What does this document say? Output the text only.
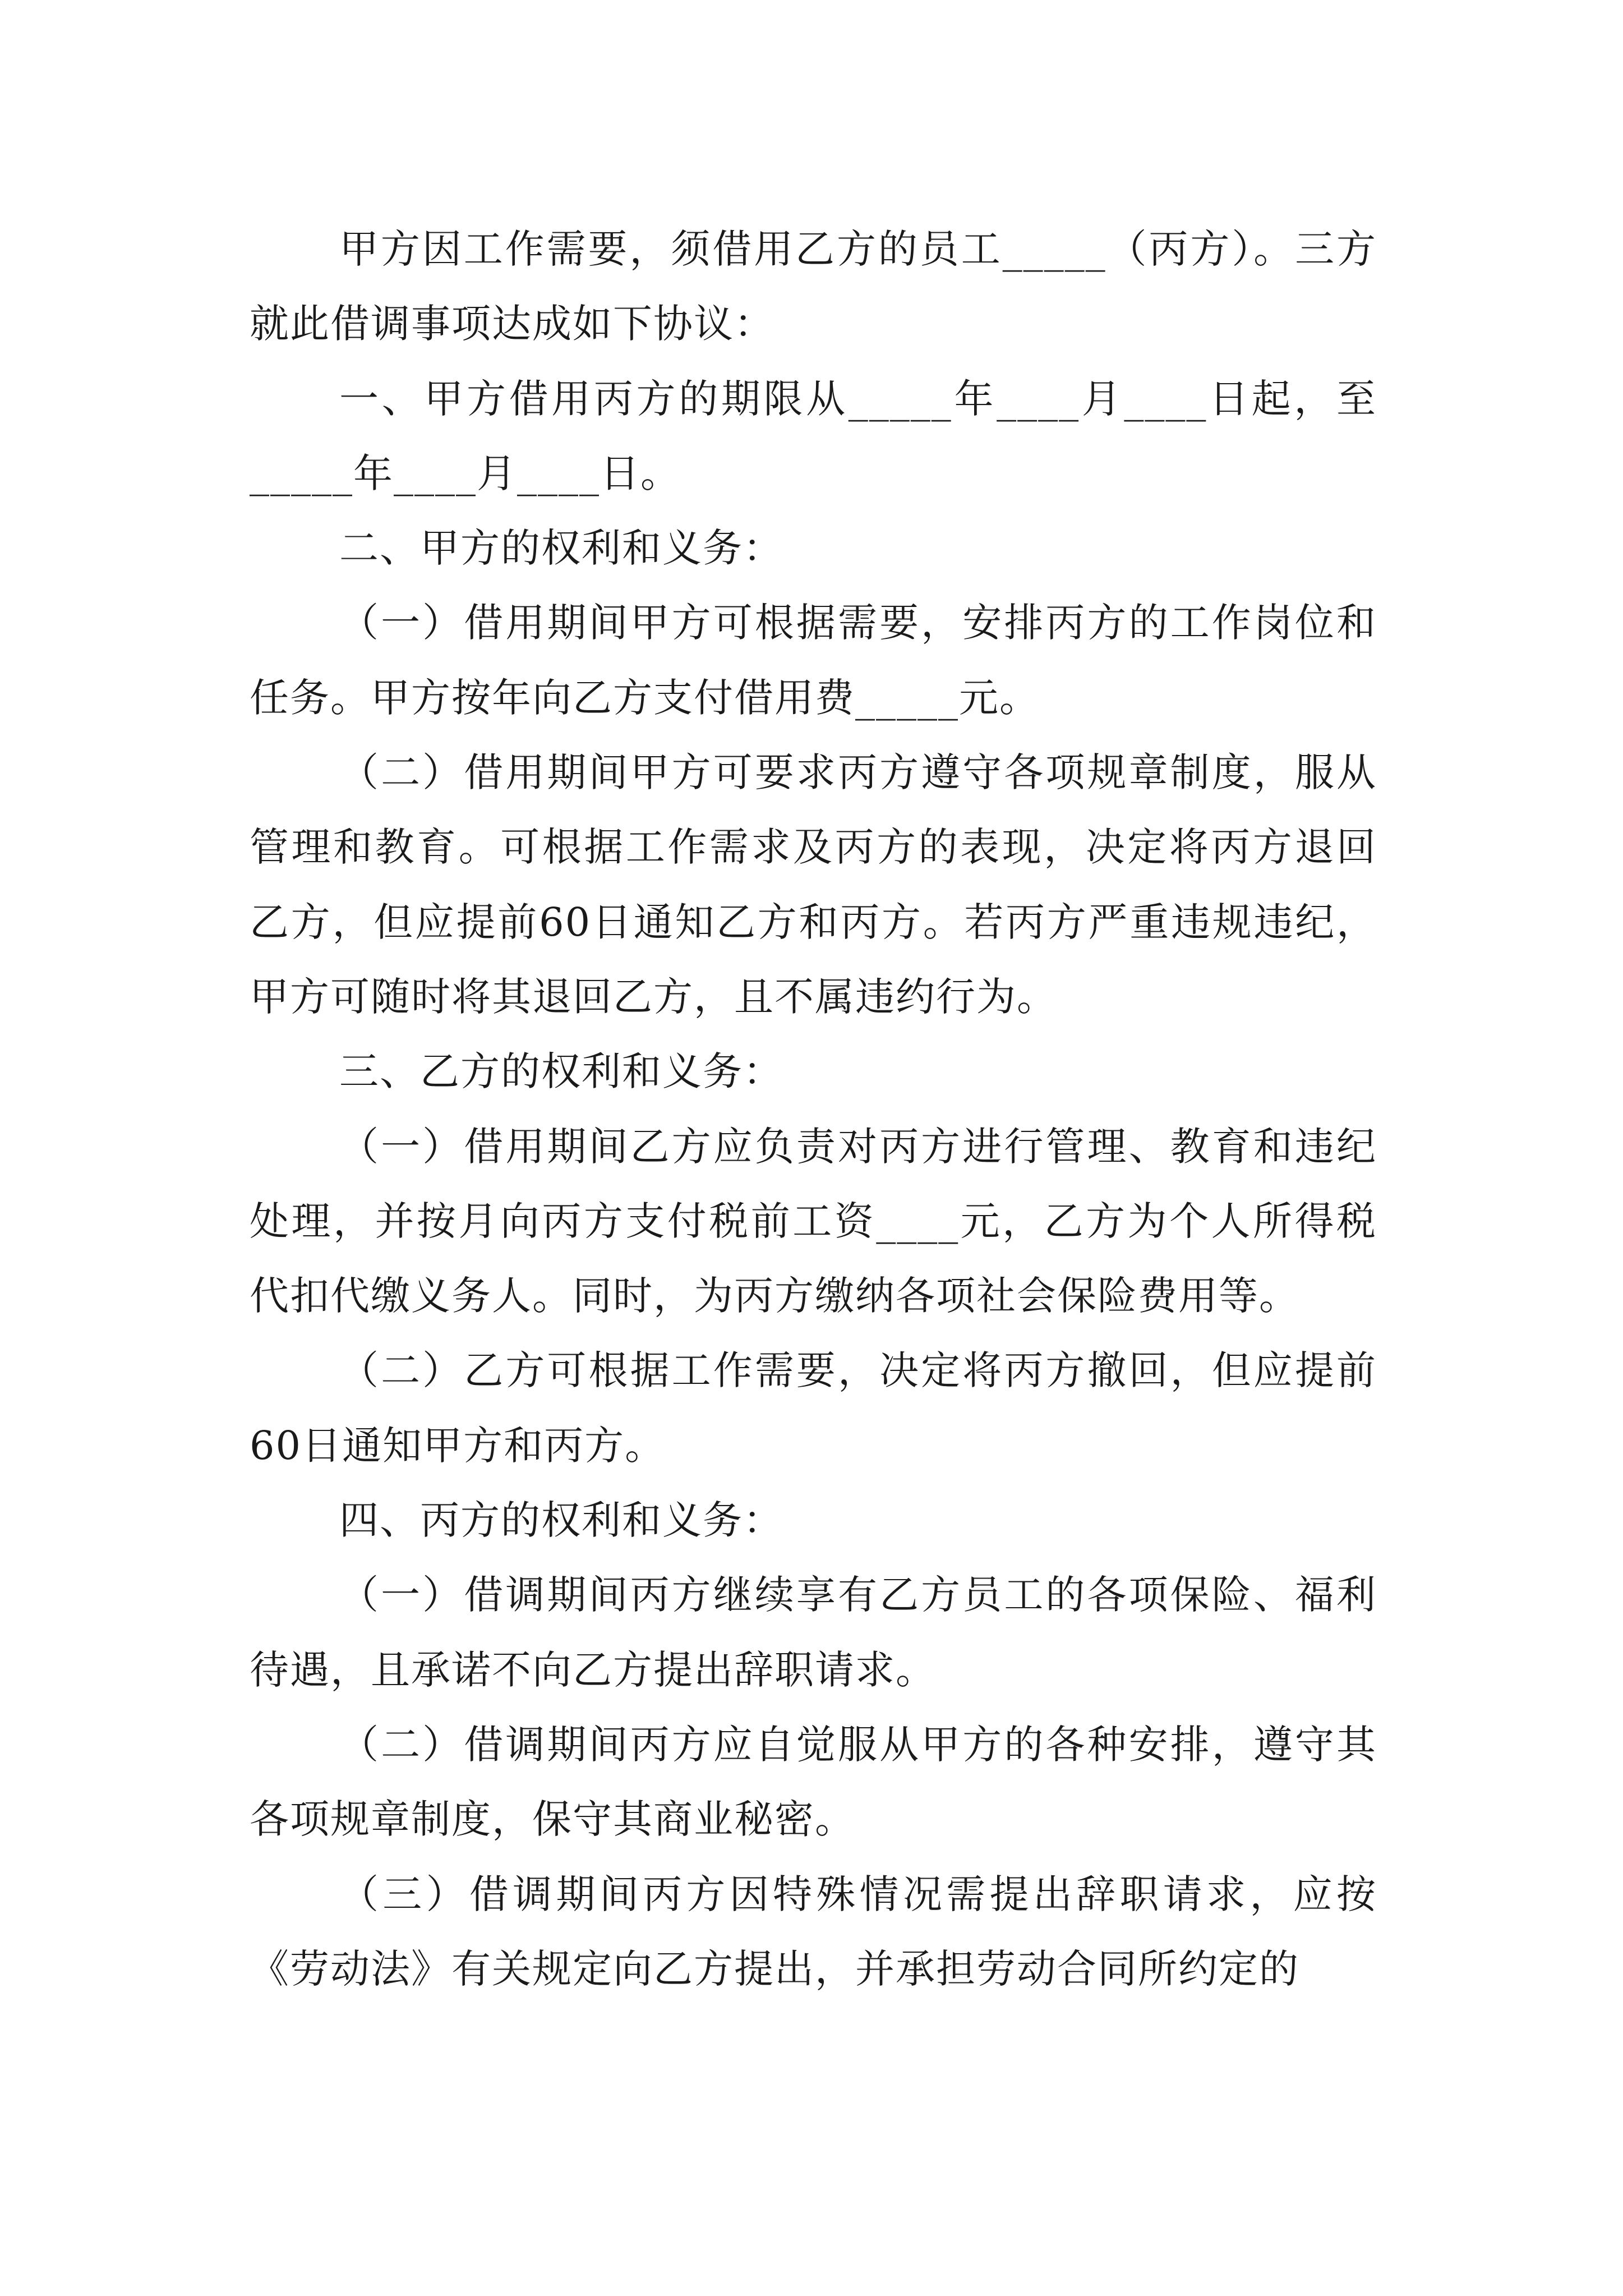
甲方因工作需要，须借用乙方的员工_____（丙方）。三方就此借调事项达成如下协议：

一、甲方借用丙方的期限从_____年____月____日起，至_____年____月____日。

二、甲方的权利和义务：

（一）借用期间甲方可根据需要，安排丙方的工作岗位和任务。甲方按年向乙方支付借用费_____元。

（二）借用期间甲方可要求丙方遵守各项规章制度，服从管理和教育。可根据工作需求及丙方的表现，决定将丙方退回乙方，但应提前60日通知乙方和丙方。若丙方严重违规违纪，甲方可随时将其退回乙方，且不属违约行为。

三、乙方的权利和义务：

（一）借用期间乙方应负责对丙方进行管理、教育和违纪处理，并按月向丙方支付税前工资____元，乙方为个人所得税代扣代缴义务人。同时，为丙方缴纳各项社会保险费用等。

（二）乙方可根据工作需要，决定将丙方撤回，但应提前60日通知甲方和丙方。

四、丙方的权利和义务：

（一）借调期间丙方继续享有乙方员工的各项保险、福利待遇，且承诺不向乙方提出辞职请求。

（二）借调期间丙方应自觉服从甲方的各种安排，遵守其各项规章制度，保守其商业秘密。

（三）借调期间丙方因特殊情况需提出辞职请求，应按《劳动法》有关规定向乙方提出，并承担劳动合同所约定的
